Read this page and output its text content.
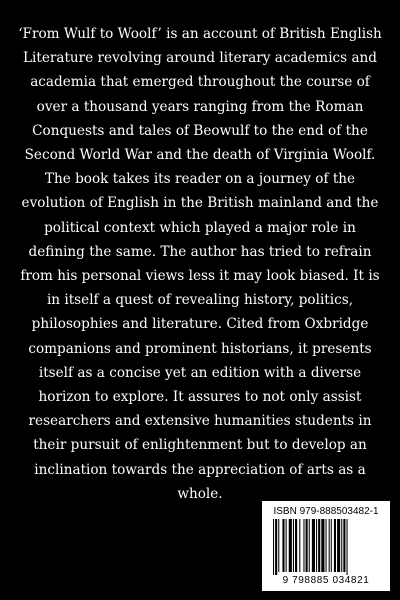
‘From Wulf to Woolf’ is an account of British English Literature revolving around literary academics and academia that emerged throughout the course of over a thousand years ranging from the Roman Conquests and tales of Beowulf to the end of the Second World War and the death of Virginia Woolf. The book takes its reader on a journey of the evolution of English in the British mainland and the political context which played a major role in defining the same. The author has tried to refrain from his personal views less it may look biased. It is in itself a quest of revealing history, politics, philosophies and literature. Cited from Oxbridge companions and prominent historians, it presents itself as a concise yet an edition with a diverse horizon to explore. It assures to not only assist researchers and extensive humanities students in their pursuit of enlightenment but to develop an inclination towards the appreciation of arts as a whole.

ISBN 979-888503482-1
9 798885 034821
